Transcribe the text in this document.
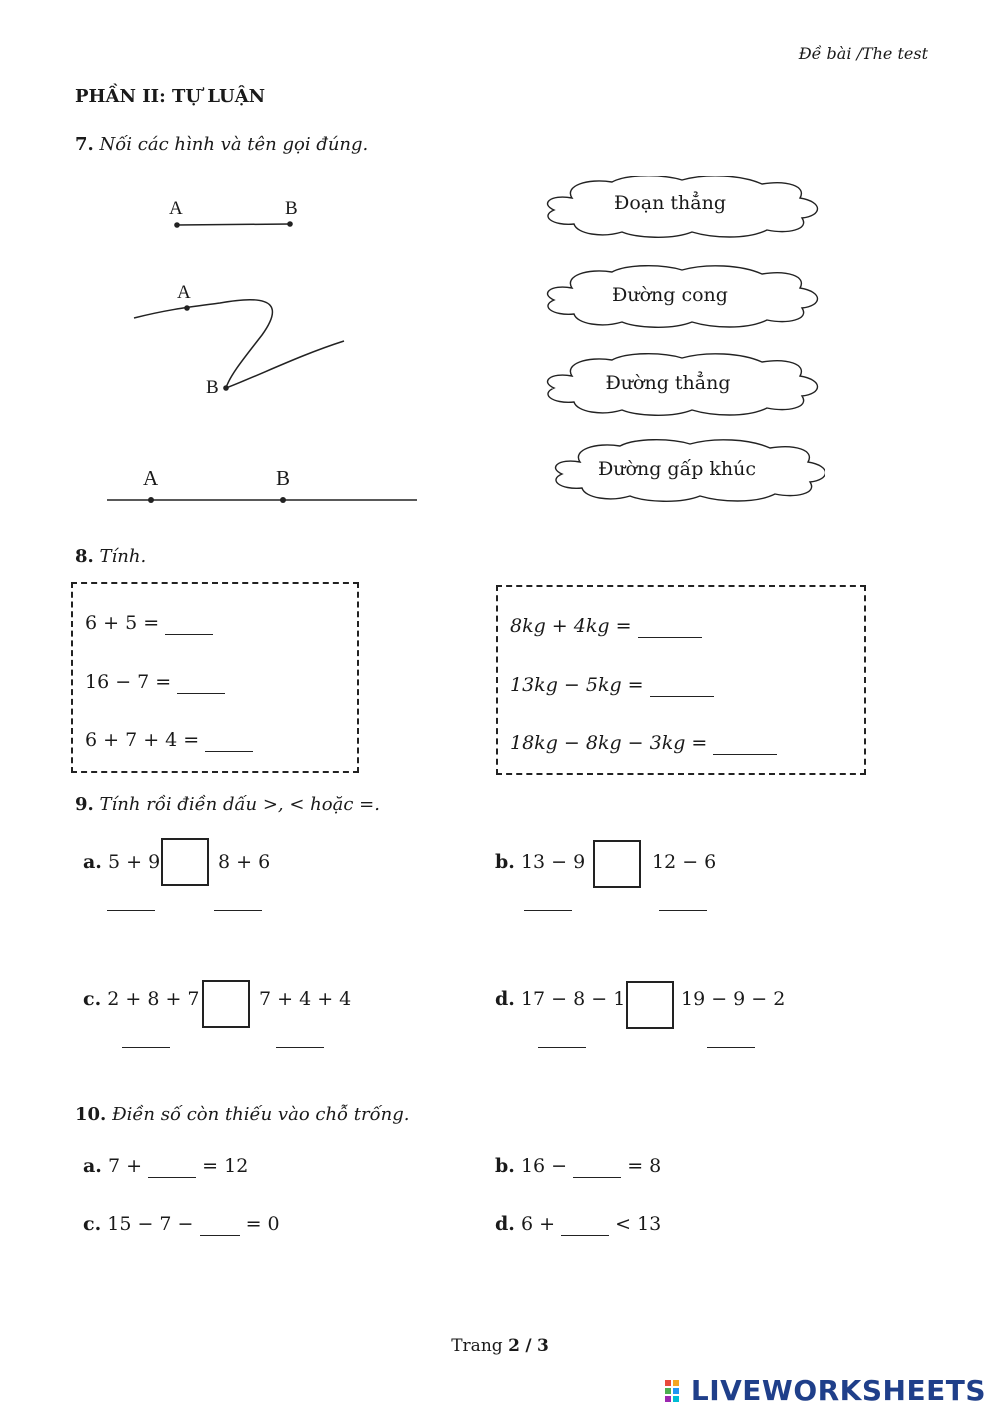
Đề bài /The test
PHẦN II: TỰ LUẬN
7. Nối các hình và tên gọi đúng.
A	B
A
B
A	B
Đoạn thẳng
Đường cong
Đường thẳng
Đường gấp khúc
8. Tính.
6 + 5 =
16 − 7 =
6 + 7 + 4 =
8kg + 4kg =
13kg − 5kg =
18kg − 8kg − 3kg =
9. Tính rồi điền dấu >, < hoặc =.
a. 5 + 9	8 + 6	b. 13 − 9	12 − 6
c. 2 + 8 + 7	7 + 4 + 4	d. 17 − 8 − 1	19 − 9 − 2
10. Điền số còn thiếu vào chỗ trống.
a. 7 +	= 12	b. 16 −	= 8
c. 15 − 7 −	= 0	d. 6 +	< 13
Trang 2 / 3
LIVEWORKSHEETS
